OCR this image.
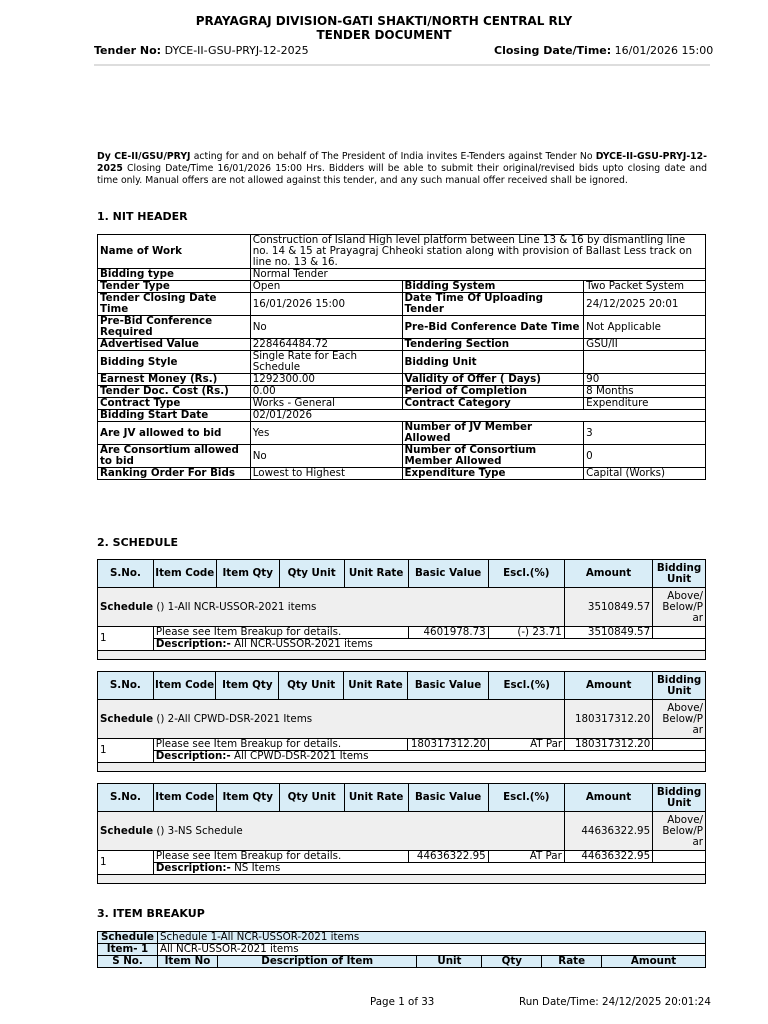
PRAYAGRAJ DIVISION-GATI SHAKTI/NORTH CENTRAL RLY
TENDER DOCUMENT
Tender No: DYCE-II-GSU-PRYJ-12-2025	Closing Date/Time: 16/01/2026 15:00
Dy CE-II/GSU/PRYJ acting for and on behalf of The President of India invites E-Tenders against Tender No DYCE-II-GSU-PRYJ-12-2025 Closing Date/Time 16/01/2026 15:00 Hrs. Bidders will be able to submit their original/revised bids upto closing date and time only. Manual offers are not allowed against this tender, and any such manual offer received shall be ignored.
1. NIT HEADER
Name of Work	Construction of Island High level platform between Line 13 & 16 by dismantling line no. 14 & 15 at Prayagraj Chheoki station along with provision of Ballast Less track on line no. 13 & 16.		
Bidding type	Normal Tender		
Tender Type	Open	Bidding System	Two Packet System
Tender Closing Date Time	16/01/2026 15:00	Date Time Of Uploading Tender	24/12/2025 20:01
Pre-Bid Conference Required	No	Pre-Bid Conference Date Time	Not Applicable
Advertised Value	228464484.72	Tendering Section	GSU/II
Bidding Style	Single Rate for Each Schedule	Bidding Unit	
Earnest Money (Rs.)	1292300.00	Validity of Offer ( Days)	90
Tender Doc. Cost (Rs.)	0.00	Period of Completion	8 Months
Contract Type	Works - General	Contract Category	Expenditure
Bidding Start Date	02/01/2026		
Are JV allowed to bid	Yes	Number of JV Member Allowed	3
Are Consortium allowed to bid	No	Number of Consortium Member Allowed	0
Ranking Order For Bids	Lowest to Highest	Expenditure Type	Capital (Works)
2. SCHEDULE
S.No.	Item Code	Item Qty	Qty Unit	Unit Rate	Basic Value	Escl.(%)	Amount	Bidding Unit
Schedule () 1-All NCR-USSOR-2021 items							3510849.57	Above/ Below/P ar
1	Please see Item Breakup for details.				4601978.73	(-) 23.71	3510849.57	
	Description:- All NCR-USSOR-2021 items							

S.No.	Item Code	Item Qty	Qty Unit	Unit Rate	Basic Value	Escl.(%)	Amount	Bidding Unit
Schedule () 2-All CPWD-DSR-2021 Items							180317312.20	Above/ Below/P ar
1	Please see Item Breakup for details.				180317312.20	AT Par	180317312.20	
	Description:- All CPWD-DSR-2021 Items							

S.No.	Item Code	Item Qty	Qty Unit	Unit Rate	Basic Value	Escl.(%)	Amount	Bidding Unit
Schedule () 3-NS Schedule							44636322.95	Above/ Below/P ar
1	Please see Item Breakup for details.				44636322.95	AT Par	44636322.95	
	Description:- NS Items							

3. ITEM BREAKUP
Schedule	Schedule 1-All NCR-USSOR-2021 items					
Item- 1	All NCR-USSOR-2021 items					
S No.	Item No	Description of Item	Unit	Qty	Rate	Amount
Page 1 of 33	Run Date/Time: 24/12/2025 20:01:24
